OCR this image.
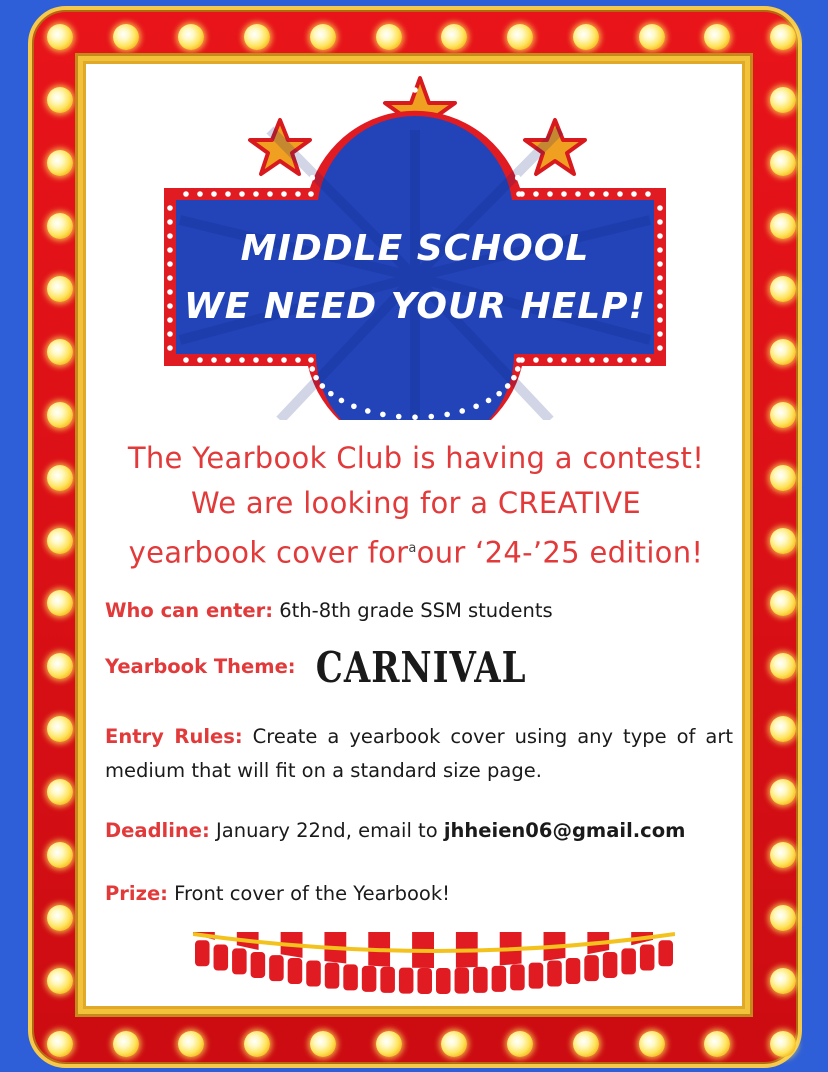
MIDDLE SCHOOL
WE NEED YOUR HELP!

The Yearbook Club is having a contest!

We are looking for a CREATIVE

yearbook cover for$^a$our ‘24-’25 edition!

Who can enter: 6th-8th grade SSM students
Yearbook Theme: CARNIVAL
Entry Rules: Create a yearbook cover using any type of art medium that will fit on a standard size page.
Deadline: January 22nd, email to jhheien06@gmail.com
Prize: Front cover of the Yearbook!
